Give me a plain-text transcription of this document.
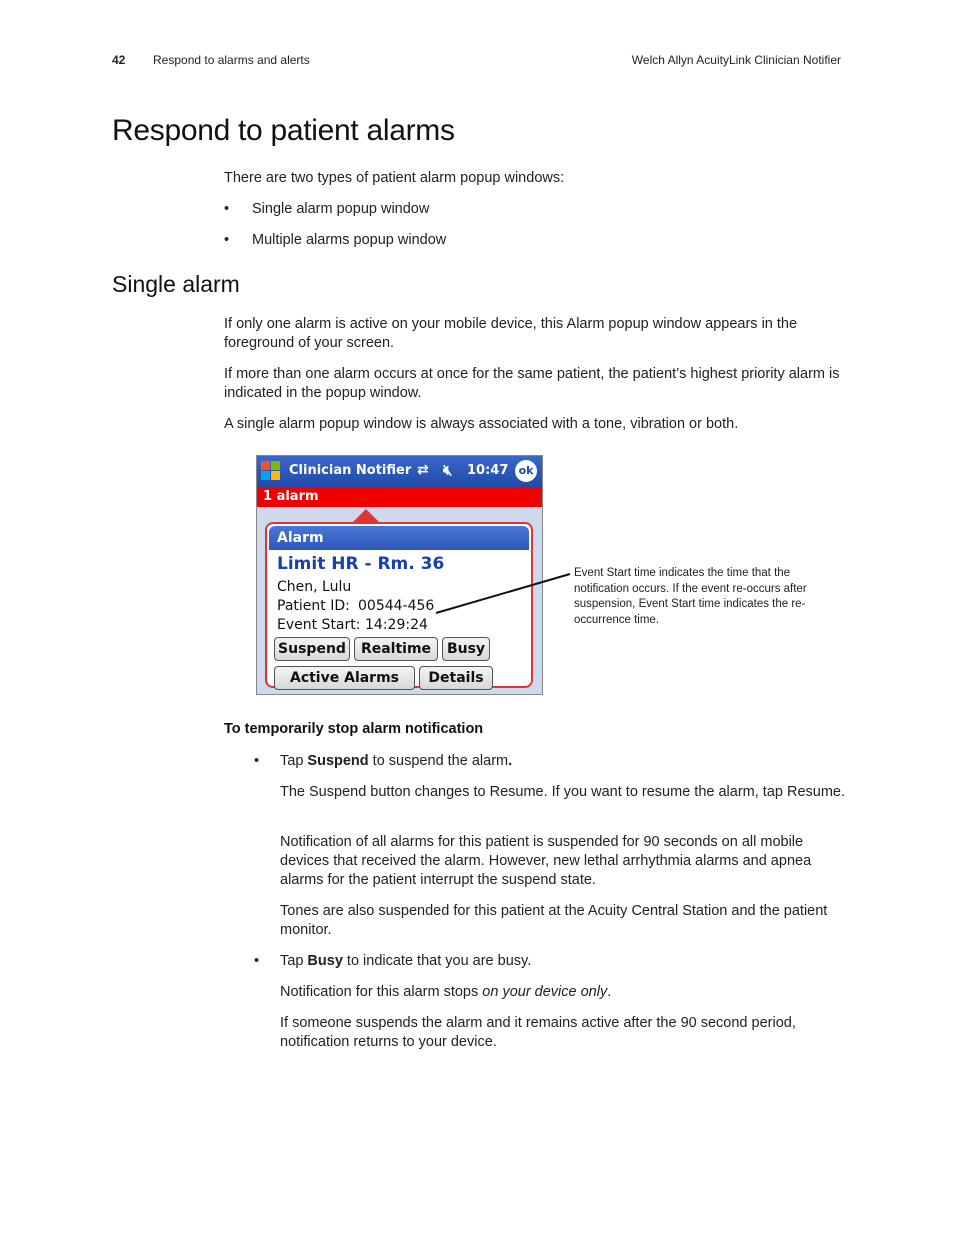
42 Respond to alarms and alerts	Welch Allyn AcuityLink Clinician Notifier
Respond to patient alarms
There are two types of patient alarm popup windows:
• Single alarm popup window
• Multiple alarms popup window
Single alarm
If only one alarm is active on your mobile device, this Alarm popup window appears in the foreground of your screen.
If more than one alarm occurs at once for the same patient, the patient’s highest priority alarm is indicated in the popup window.
A single alarm popup window is always associated with a tone, vibration or both.
Clinician Notifier ⇄ 🔇︎ 10:47 ok
1 alarm
Alarm
Limit HR - Rm. 36
Chen, Lulu
Patient ID: 00544-456
Event Start: 14:29:24
Suspend	Realtime	Busy
Active Alarms	Details
Event Start time indicates the time that the notification occurs. If the event re-occurs after suspension, Event Start time indicates the re-occurrence time.
To temporarily stop alarm notification
• Tap Suspend to suspend the alarm.
The Suspend button changes to Resume. If you want to resume the alarm, tap Resume.
Notification of all alarms for this patient is suspended for 90 seconds on all mobile devices that received the alarm. However, new lethal arrhythmia alarms and apnea alarms for the patient interrupt the suspend state.
Tones are also suspended for this patient at the Acuity Central Station and the patient monitor.
• Tap Busy to indicate that you are busy.
Notification for this alarm stops on your device only.
If someone suspends the alarm and it remains active after the 90 second period, notification returns to your device.
